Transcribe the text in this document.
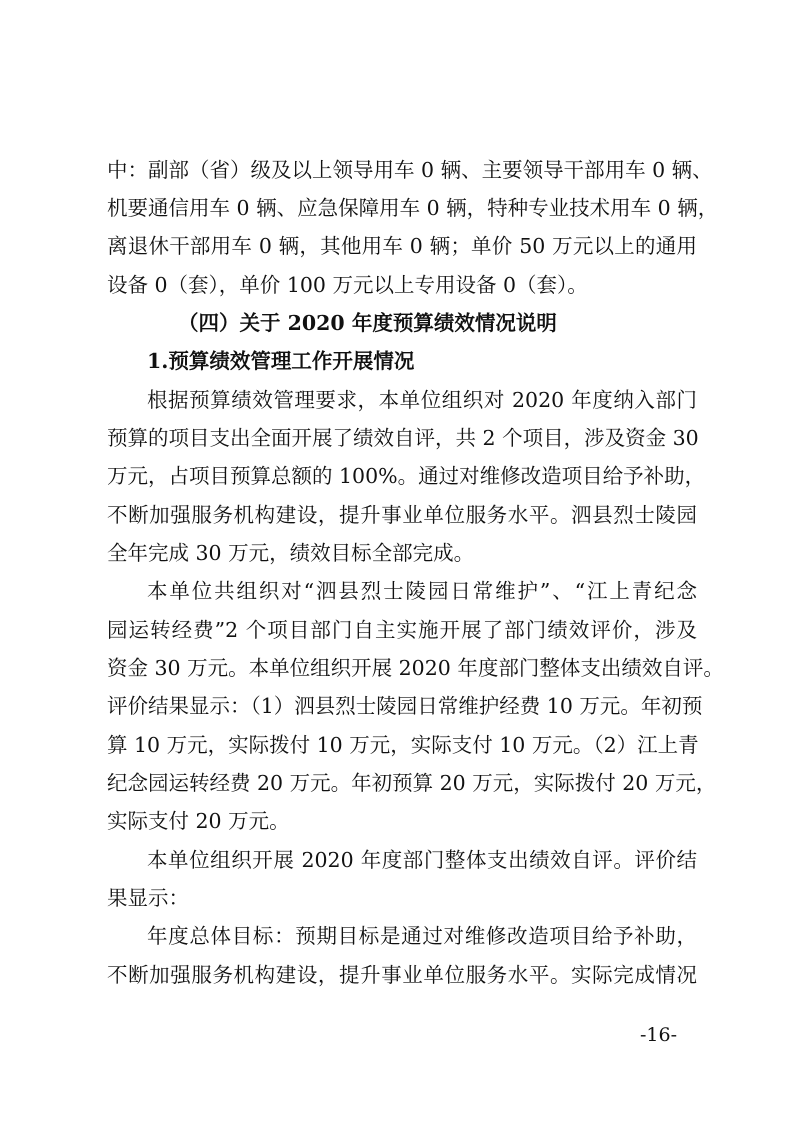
中：副部（省）级及以上领导用车 0 辆、主要领导干部用车 0 辆、
机要通信用车 0 辆、应急保障用车 0 辆，特种专业技术用车 0 辆，
离退休干部用车 0 辆，其他用车 0 辆；单价 50 万元以上的通用
设备 0（套），单价 100 万元以上专用设备 0（套）。
（四）关于 2020 年度预算绩效情况说明
1.预算绩效管理工作开展情况
根据预算绩效管理要求，本单位组织对 2020 年度纳入部门
预算的项目支出全面开展了绩效自评，共 2 个项目，涉及资金 30
万元，占项目预算总额的 100%。通过对维修改造项目给予补助，
不断加强服务机构建设，提升事业单位服务水平。泗县烈士陵园
全年完成 30 万元，绩效目标全部完成。
本单位共组织对“泗县烈士陵园日常维护”、“江上青纪念
园运转经费”2 个项目部门自主实施开展了部门绩效评价，涉及
资金 30 万元。本单位组织开展 2020 年度部门整体支出绩效自评。
评价结果显示：（1）泗县烈士陵园日常维护经费 10 万元。年初预
算 10 万元，实际拨付 10 万元，实际支付 10 万元。（2）江上青
纪念园运转经费 20 万元。年初预算 20 万元，实际拨付 20 万元，
实际支付 20 万元。
本单位组织开展 2020 年度部门整体支出绩效自评。评价结
果显示：
年度总体目标：预期目标是通过对维修改造项目给予补助，
不断加强服务机构建设，提升事业单位服务水平。实际完成情况
-16-
